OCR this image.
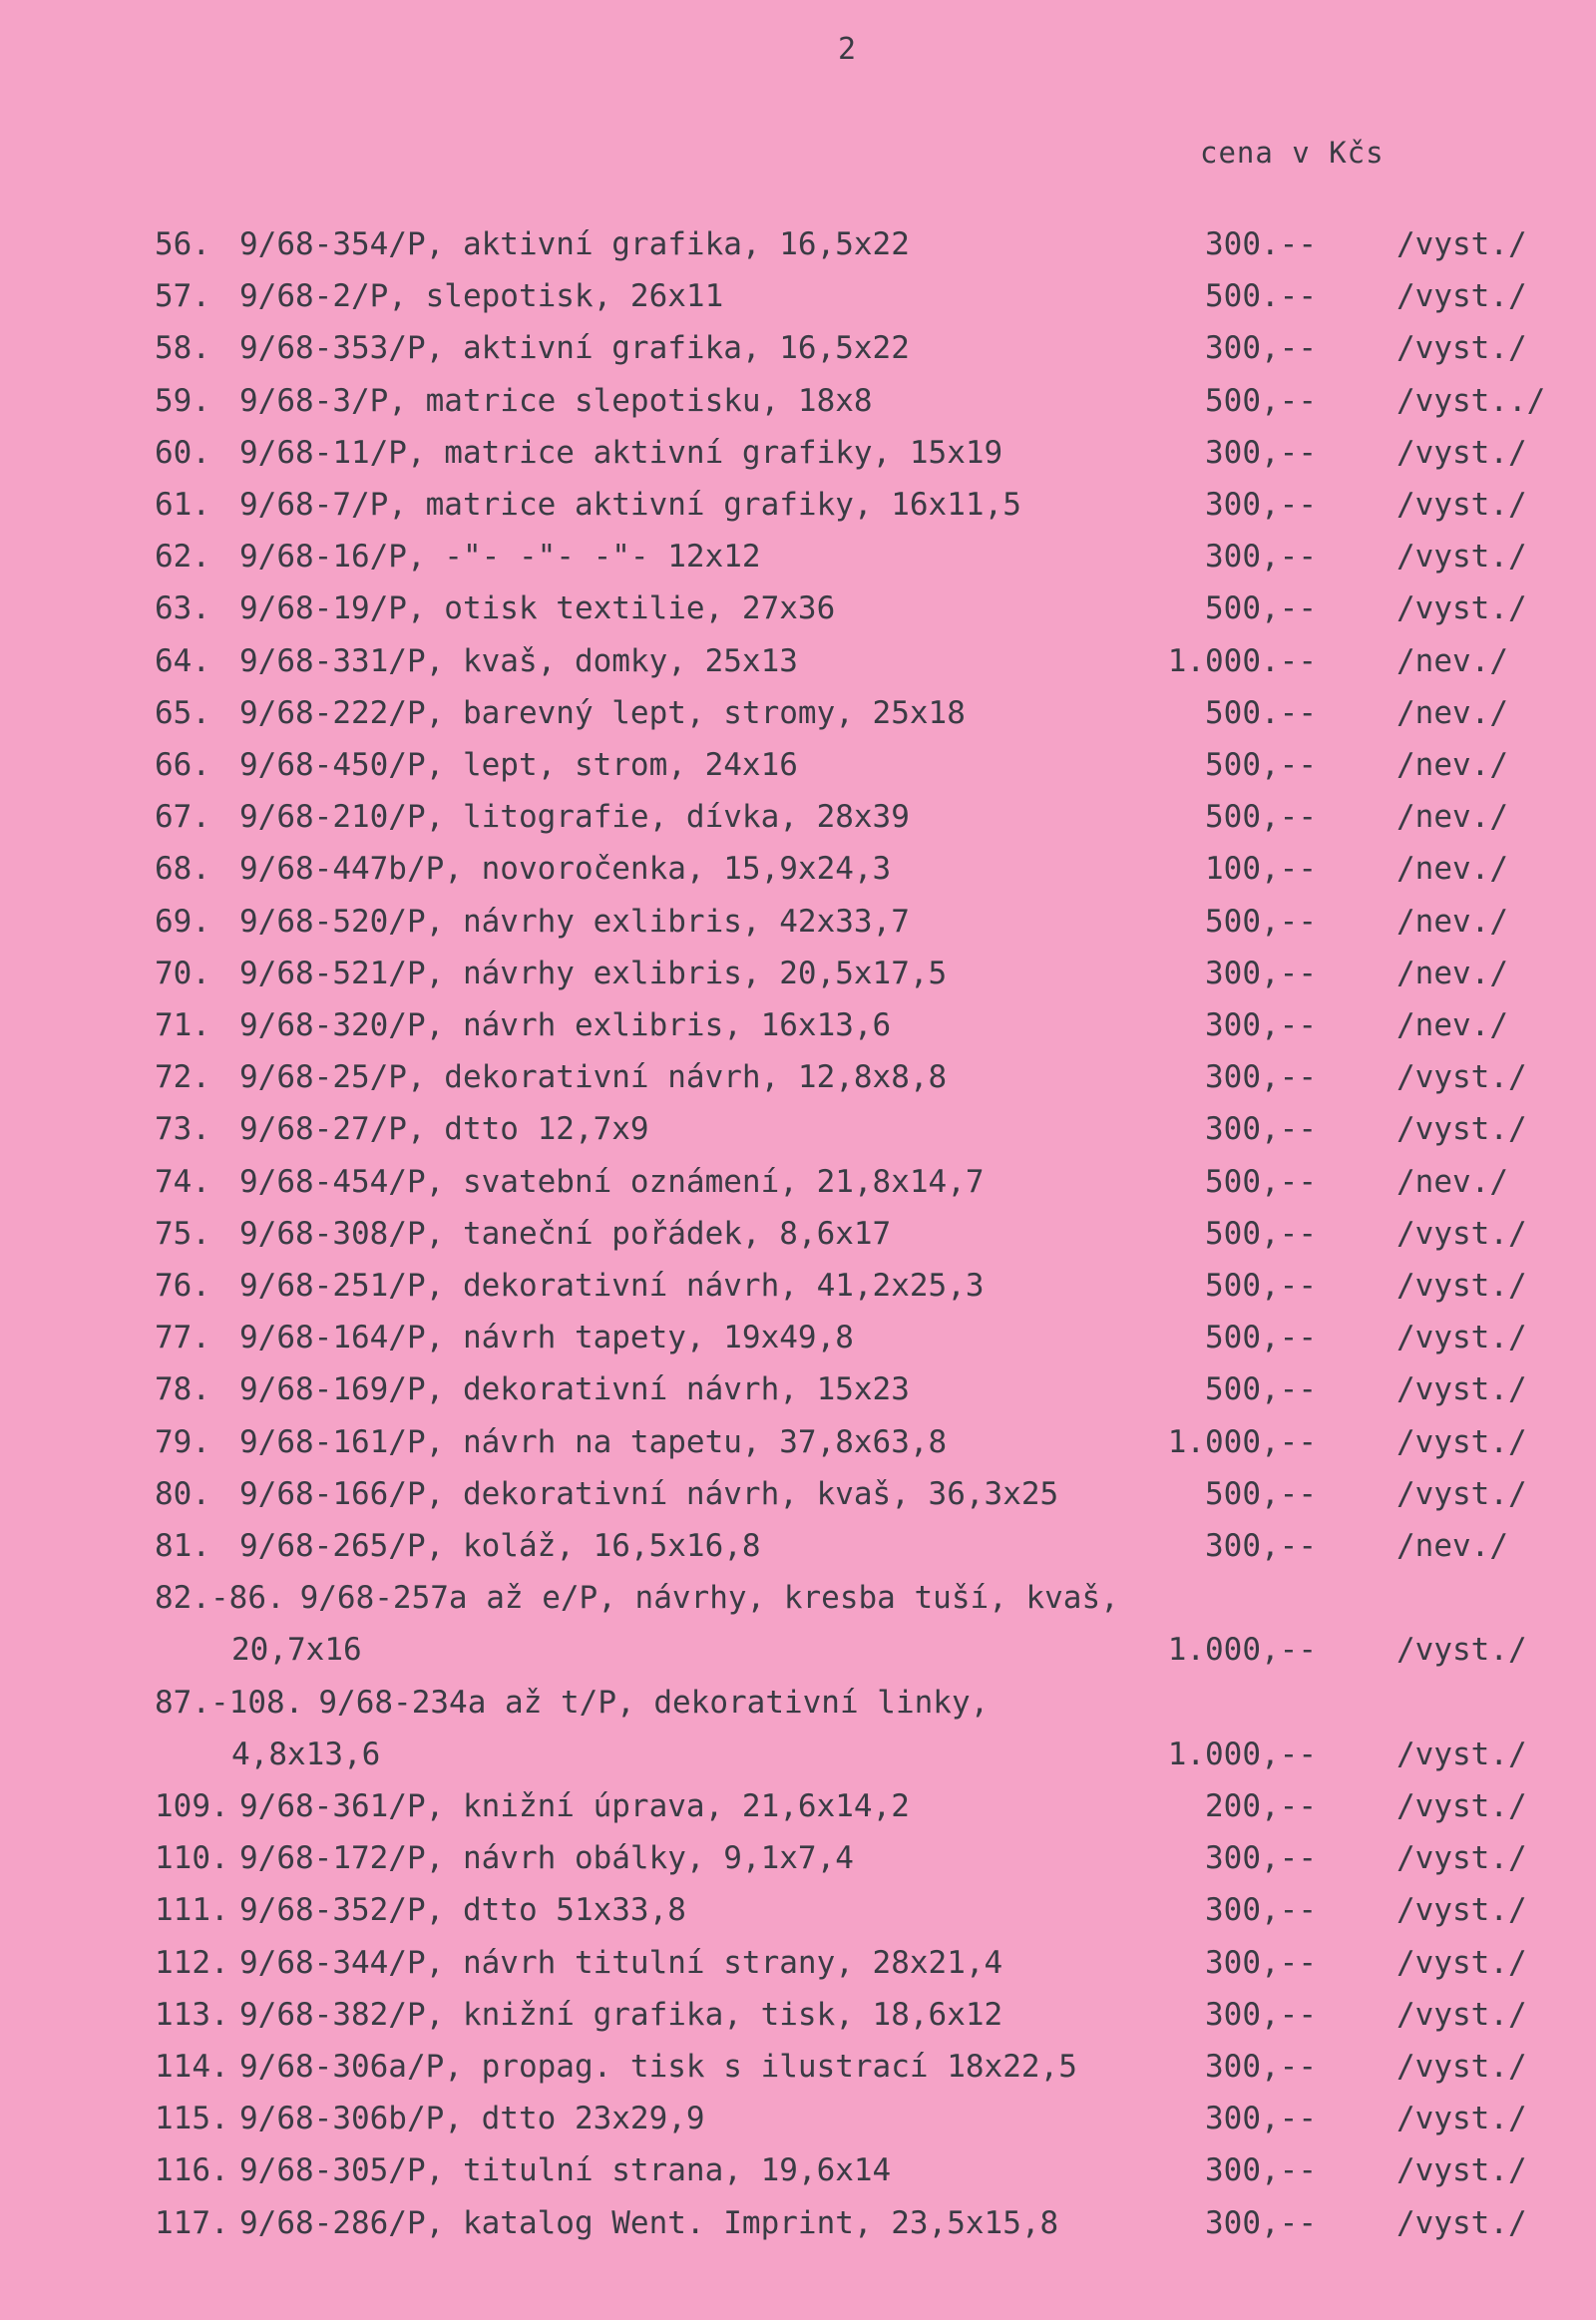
2
cena v Kčs
56. 9/68-354/P, aktivní grafika, 16,5x22	300.--	/vyst./
57. 9/68-2/P, slepotisk, 26x11	500.--	/vyst./
58. 9/68-353/P, aktivní grafika, 16,5x22	300,--	/vyst./
59. 9/68-3/P, matrice slepotisku, 18x8	500,--	/vyst../
60. 9/68-11/P, matrice aktivní grafiky, 15x19	300,--	/vyst./
61. 9/68-7/P, matrice aktivní grafiky, 16x11,5	300,--	/vyst./
62. 9/68-16/P, -"- -"- -"- 12x12	300,--	/vyst./
63. 9/68-19/P, otisk textilie, 27x36	500,--	/vyst./
64. 9/68-331/P, kvaš, domky, 25x13	1.000.--	/nev./
65. 9/68-222/P, barevný lept, stromy, 25x18	500.--	/nev./
66. 9/68-450/P, lept, strom, 24x16	500,--	/nev./
67. 9/68-210/P, litografie, dívka, 28x39	500,--	/nev./
68. 9/68-447b/P, novoročenka, 15,9x24,3	100,--	/nev./
69. 9/68-520/P, návrhy exlibris, 42x33,7	500,--	/nev./
70. 9/68-521/P, návrhy exlibris, 20,5x17,5	300,--	/nev./
71. 9/68-320/P, návrh exlibris, 16x13,6	300,--	/nev./
72. 9/68-25/P, dekorativní návrh, 12,8x8,8	300,--	/vyst./
73. 9/68-27/P, dtto 12,7x9	300,--	/vyst./
74. 9/68-454/P, svatební oznámení, 21,8x14,7	500,--	/nev./
75. 9/68-308/P, taneční pořádek, 8,6x17	500,--	/vyst./
76. 9/68-251/P, dekorativní návrh, 41,2x25,3	500,--	/vyst./
77. 9/68-164/P, návrh tapety, 19x49,8	500,--	/vyst./
78. 9/68-169/P, dekorativní návrh, 15x23	500,--	/vyst./
79. 9/68-161/P, návrh na tapetu, 37,8x63,8	1.000,--	/vyst./
80. 9/68-166/P, dekorativní návrh, kvaš, 36,3x25	500,--	/vyst./
81. 9/68-265/P, koláž, 16,5x16,8	300,--	/nev./
82.-86. 9/68-257a až e/P, návrhy, kresba tuší, kvaš,
20,7x16	1.000,--	/vyst./
87.-108. 9/68-234a až t/P, dekorativní linky,
4,8x13,6	1.000,--	/vyst./
109. 9/68-361/P, knižní úprava, 21,6x14,2	200,--	/vyst./
110. 9/68-172/P, návrh obálky, 9,1x7,4	300,--	/vyst./
111. 9/68-352/P, dtto 51x33,8	300,--	/vyst./
112. 9/68-344/P, návrh titulní strany, 28x21,4	300,--	/vyst./
113. 9/68-382/P, knižní grafika, tisk, 18,6x12	300,--	/vyst./
114. 9/68-306a/P, propag. tisk s ilustrací 18x22,5	300,--	/vyst./
115. 9/68-306b/P, dtto 23x29,9	300,--	/vyst./
116. 9/68-305/P, titulní strana, 19,6x14	300,--	/vyst./
117. 9/68-286/P, katalog Went. Imprint, 23,5x15,8	300,--	/vyst./
